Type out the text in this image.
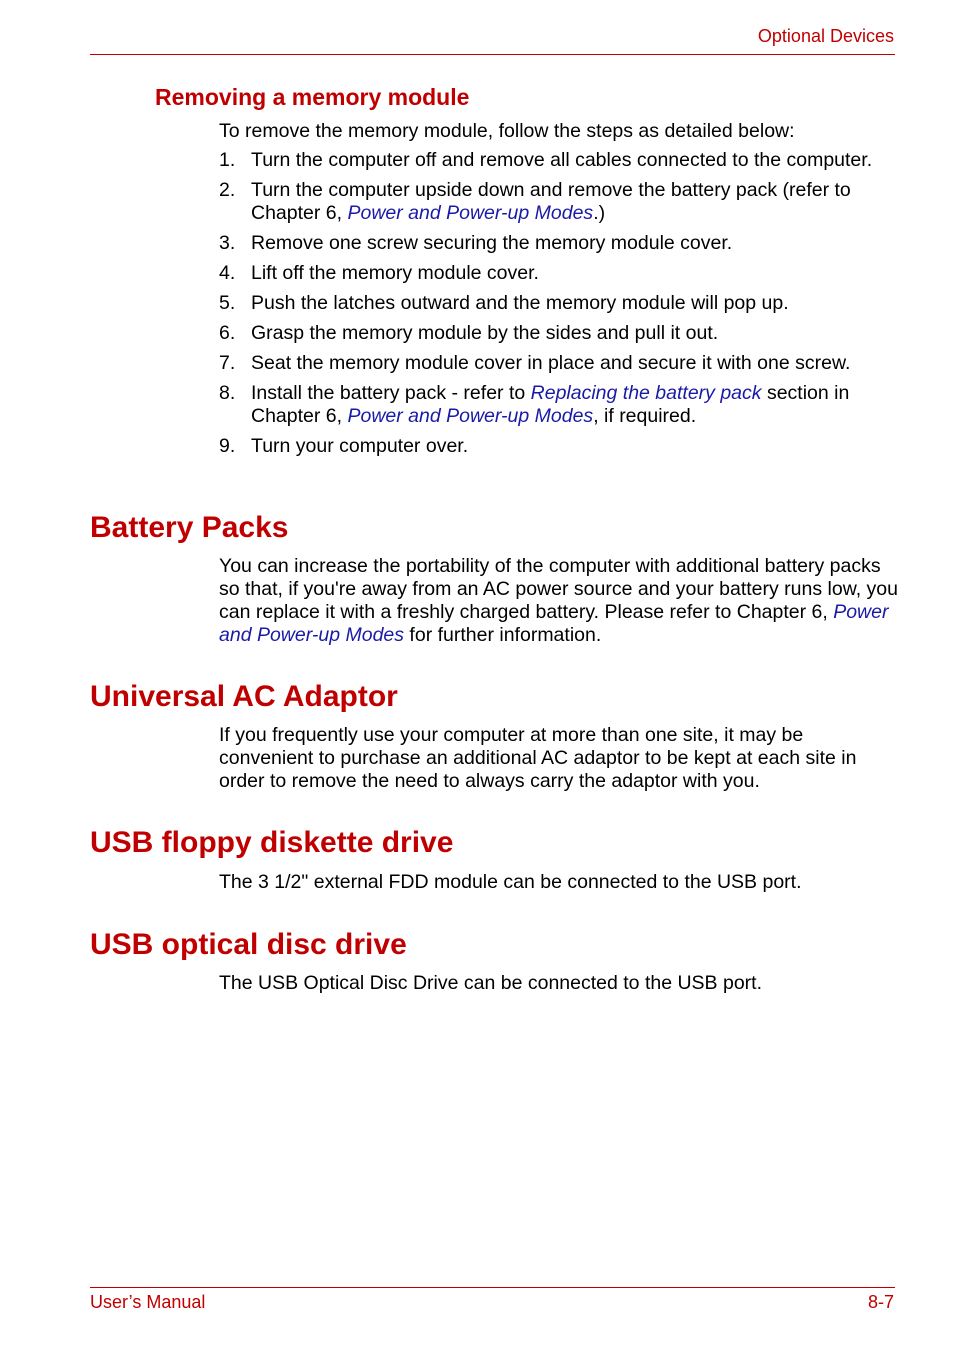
Optional Devices
Removing a memory module
To remove the memory module, follow the steps as detailed below:
1. Turn the computer off and remove all cables connected to the computer.
2. Turn the computer upside down and remove the battery pack (refer to Chapter 6, Power and Power-up Modes.)
3. Remove one screw securing the memory module cover.
4. Lift off the memory module cover.
5. Push the latches outward and the memory module will pop up.
6. Grasp the memory module by the sides and pull it out.
7. Seat the memory module cover in place and secure it with one screw.
8. Install the battery pack - refer to Replacing the battery pack section in Chapter 6, Power and Power-up Modes, if required.
9. Turn your computer over.
Battery Packs
You can increase the portability of the computer with additional battery packs so that, if you're away from an AC power source and your battery runs low, you can replace it with a freshly charged battery. Please refer to Chapter 6, Power and Power-up Modes for further information.
Universal AC Adaptor
If you frequently use your computer at more than one site, it may be convenient to purchase an additional AC adaptor to be kept at each site in order to remove the need to always carry the adaptor with you.
USB floppy diskette drive
The 3 1/2" external FDD module can be connected to the USB port.
USB optical disc drive
The USB Optical Disc Drive can be connected to the USB port.
User’s Manual	8-7
